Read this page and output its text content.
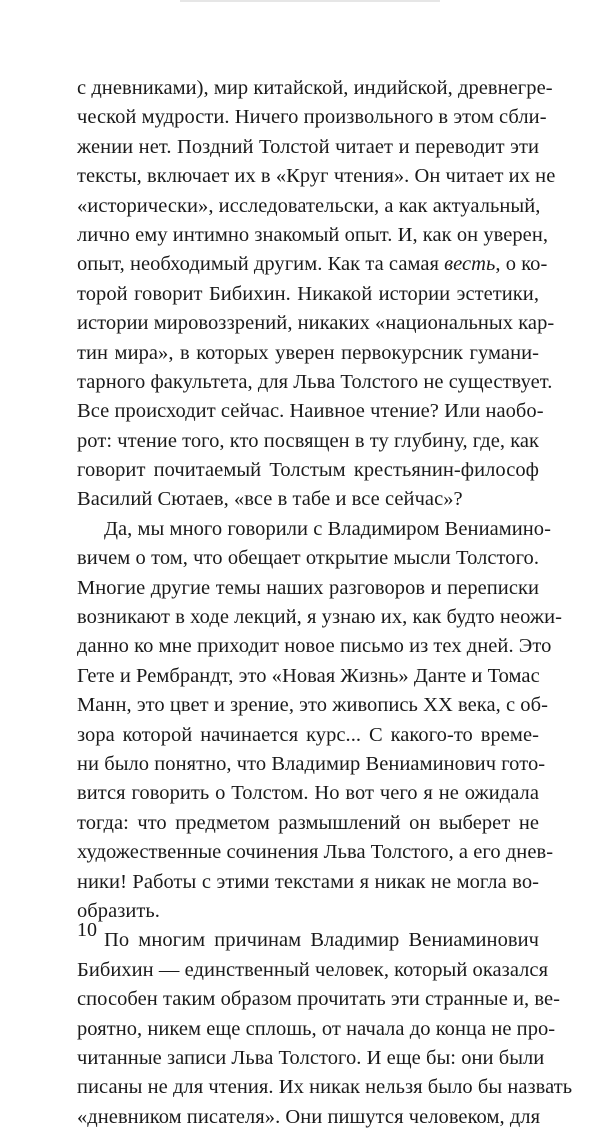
с дневниками), мир китайской, индийской, древнегре-
ческой мудрости. Ничего произвольного в этом сбли-
жении нет. Поздний Толстой читает и переводит эти
тексты, включает их в «Круг чтения». Он читает их не
«исторически», исследовательски, а как актуальный,
лично ему интимно знакомый опыт. И, как он уверен,
опыт, необходимый другим. Как та самая весть, о ко-
торой говорит Бибихин. Никакой истории эстетики,
истории мировоззрений, никаких «национальных кар-
тин мира», в которых уверен первокурсник гумани-
тарного факультета, для Льва Толстого не существует.
Все происходит сейчас. Наивное чтение? Или наобо-
рот: чтение того, кто посвящен в ту глубину, где, как
говорит почитаемый Толстым крестьянин-философ
Василий Сютаев, «все в табе и все сейчас»?
Да, мы много говорили с Владимиром Вениамино-
вичем о том, что обещает открытие мысли Толстого.
Многие другие темы наших разговоров и переписки
возникают в ходе лекций, я узнаю их, как будто неожи-
данно ко мне приходит новое письмо из тех дней. Это
Гете и Рембрандт, это «Новая Жизнь» Данте и Томас
Манн, это цвет и зрение, это живопись XX века, с об-
зора которой начинается курс... С какого-то време-
ни было понятно, что Владимир Вениаминович гото-
вится говорить о Толстом. Но вот чего я не ожидала
тогда: что предметом размышлений он выберет не
художественные сочинения Льва Толстого, а его днев-
ники! Работы с этими текстами я никак не могла во-
образить.
По многим причинам Владимир Вениаминович
Бибихин — единственный человек, который оказался
способен таким образом прочитать эти странные и, ве-
роятно, никем еще сплошь, от начала до конца не про-
читанные записи Льва Толстого. И еще бы: они были
писаны не для чтения. Их никак нельзя было бы назвать
«дневником писателя». Они пишутся человеком, для
10
